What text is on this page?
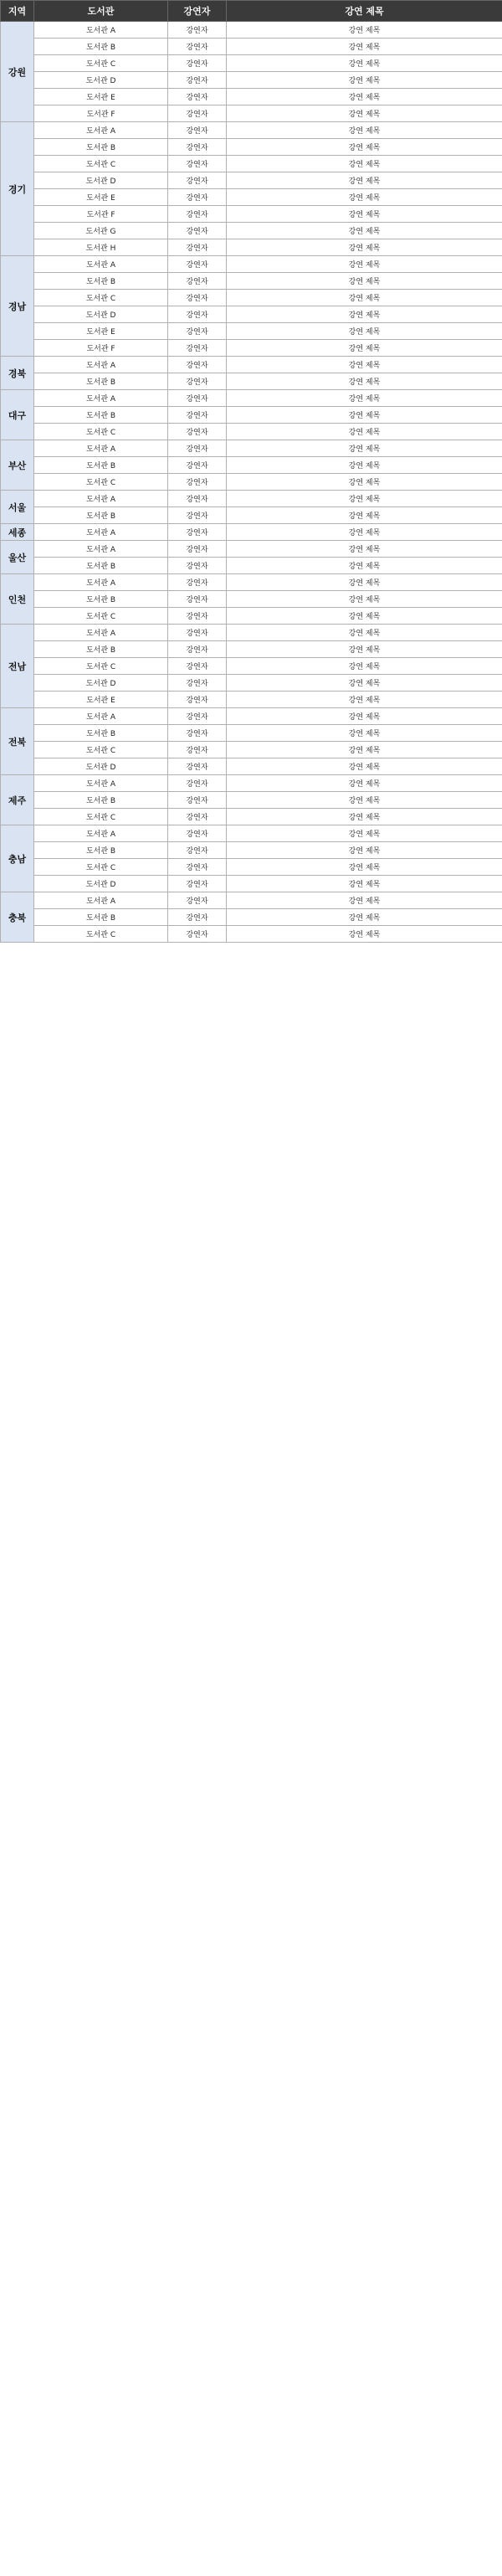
지역	도서관	강연자	강연 제목
강원	도서관 A	강연자	강연 제목
	도서관 B	강연자	강연 제목
	도서관 C	강연자	강연 제목
	도서관 D	강연자	강연 제목
	도서관 E	강연자	강연 제목
	도서관 F	강연자	강연 제목
경기	도서관 A	강연자	강연 제목
	도서관 B	강연자	강연 제목
	도서관 C	강연자	강연 제목
	도서관 D	강연자	강연 제목
	도서관 E	강연자	강연 제목
	도서관 F	강연자	강연 제목
	도서관 G	강연자	강연 제목
	도서관 H	강연자	강연 제목
경남	도서관 A	강연자	강연 제목
	도서관 B	강연자	강연 제목
	도서관 C	강연자	강연 제목
	도서관 D	강연자	강연 제목
	도서관 E	강연자	강연 제목
	도서관 F	강연자	강연 제목
경북	도서관 A	강연자	강연 제목
	도서관 B	강연자	강연 제목
대구	도서관 A	강연자	강연 제목
	도서관 B	강연자	강연 제목
	도서관 C	강연자	강연 제목
부산	도서관 A	강연자	강연 제목
	도서관 B	강연자	강연 제목
	도서관 C	강연자	강연 제목
서울	도서관 A	강연자	강연 제목
	도서관 B	강연자	강연 제목
세종	도서관 A	강연자	강연 제목
울산	도서관 A	강연자	강연 제목
	도서관 B	강연자	강연 제목
인천	도서관 A	강연자	강연 제목
	도서관 B	강연자	강연 제목
	도서관 C	강연자	강연 제목
전남	도서관 A	강연자	강연 제목
	도서관 B	강연자	강연 제목
	도서관 C	강연자	강연 제목
	도서관 D	강연자	강연 제목
	도서관 E	강연자	강연 제목
전북	도서관 A	강연자	강연 제목
	도서관 B	강연자	강연 제목
	도서관 C	강연자	강연 제목
	도서관 D	강연자	강연 제목
제주	도서관 A	강연자	강연 제목
	도서관 B	강연자	강연 제목
	도서관 C	강연자	강연 제목
충남	도서관 A	강연자	강연 제목
	도서관 B	강연자	강연 제목
	도서관 C	강연자	강연 제목
	도서관 D	강연자	강연 제목
충북	도서관 A	강연자	강연 제목
	도서관 B	강연자	강연 제목
	도서관 C	강연자	강연 제목
